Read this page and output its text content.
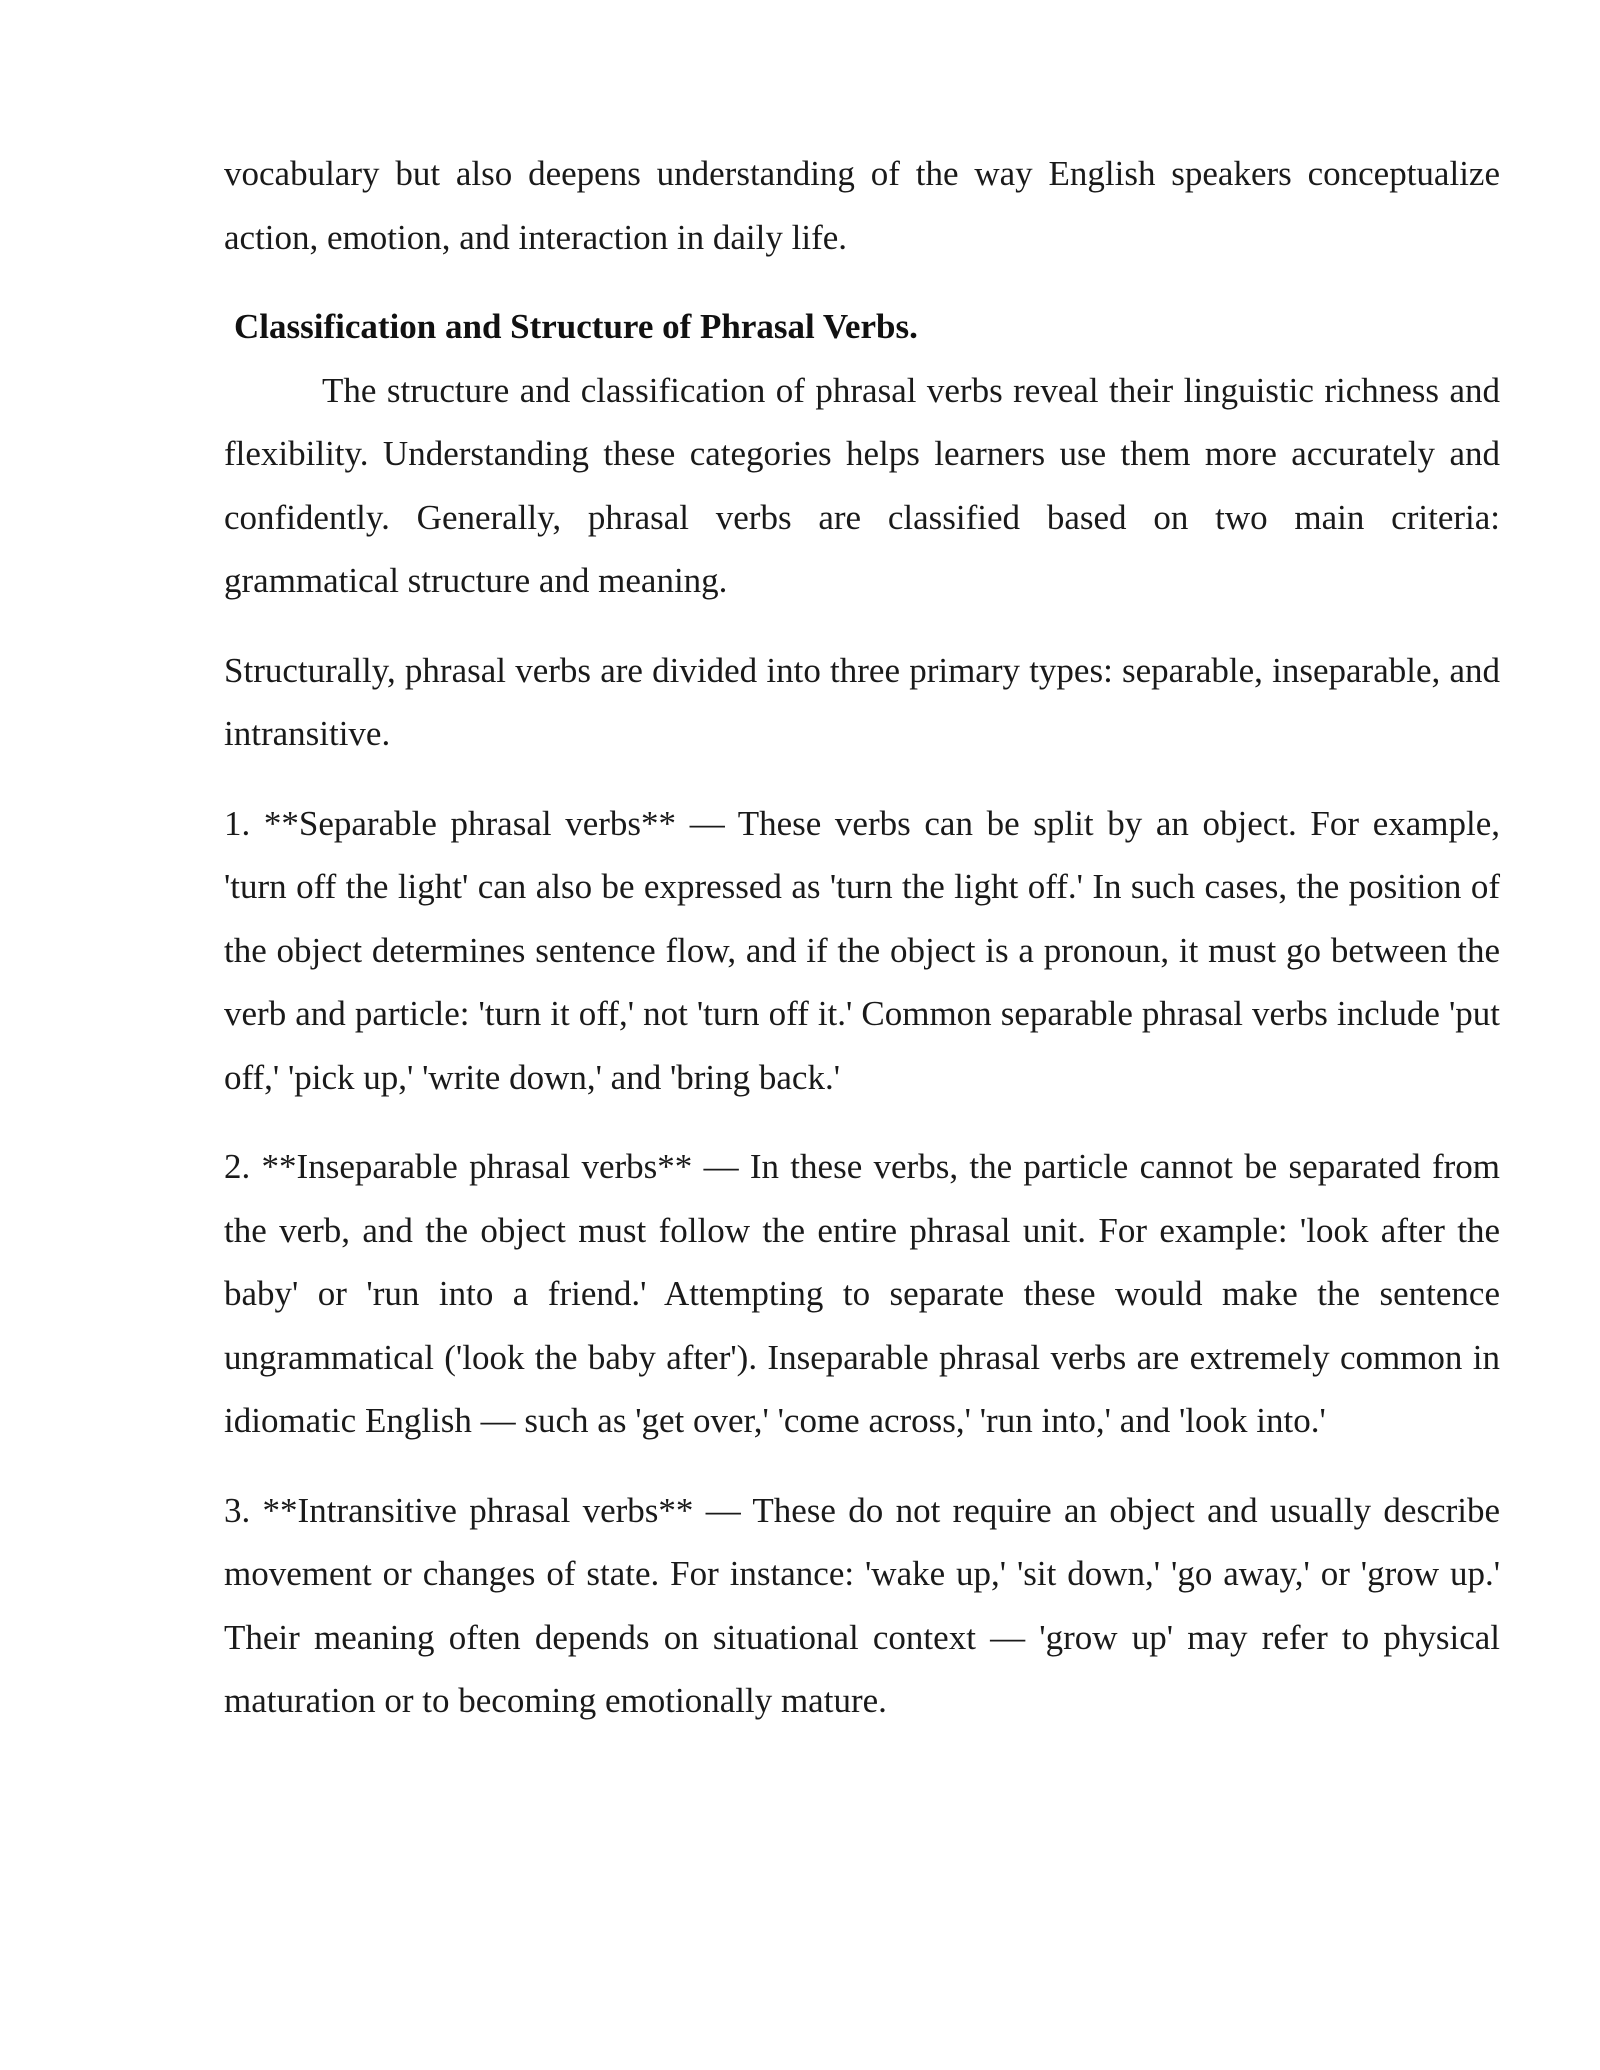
vocabulary but also deepens understanding of the way English speakers conceptualize action, emotion, and interaction in daily life.

Classification and Structure of Phrasal Verbs.

The structure and classification of phrasal verbs reveal their linguistic richness and flexibility. Understanding these categories helps learners use them more accurately and confidently. Generally, phrasal verbs are classified based on two main criteria: grammatical structure and meaning.

Structurally, phrasal verbs are divided into three primary types: separable, inseparable, and intransitive.

1. **Separable phrasal verbs** — These verbs can be split by an object. For example, 'turn off the light' can also be expressed as 'turn the light off.' In such cases, the position of the object determines sentence flow, and if the object is a pronoun, it must go between the verb and particle: 'turn it off,' not 'turn off it.' Common separable phrasal verbs include 'put off,' 'pick up,' 'write down,' and 'bring back.'

2. **Inseparable phrasal verbs** — In these verbs, the particle cannot be separated from the verb, and the object must follow the entire phrasal unit. For example: 'look after the baby' or 'run into a friend.' Attempting to separate these would make the sentence ungrammatical ('look the baby after'). Inseparable phrasal verbs are extremely common in idiomatic English — such as 'get over,' 'come across,' 'run into,' and 'look into.'

3. **Intransitive phrasal verbs** — These do not require an object and usually describe movement or changes of state. For instance: 'wake up,' 'sit down,' 'go away,' or 'grow up.' Their meaning often depends on situational context — 'grow up' may refer to physical maturation or to becoming emotionally mature.
